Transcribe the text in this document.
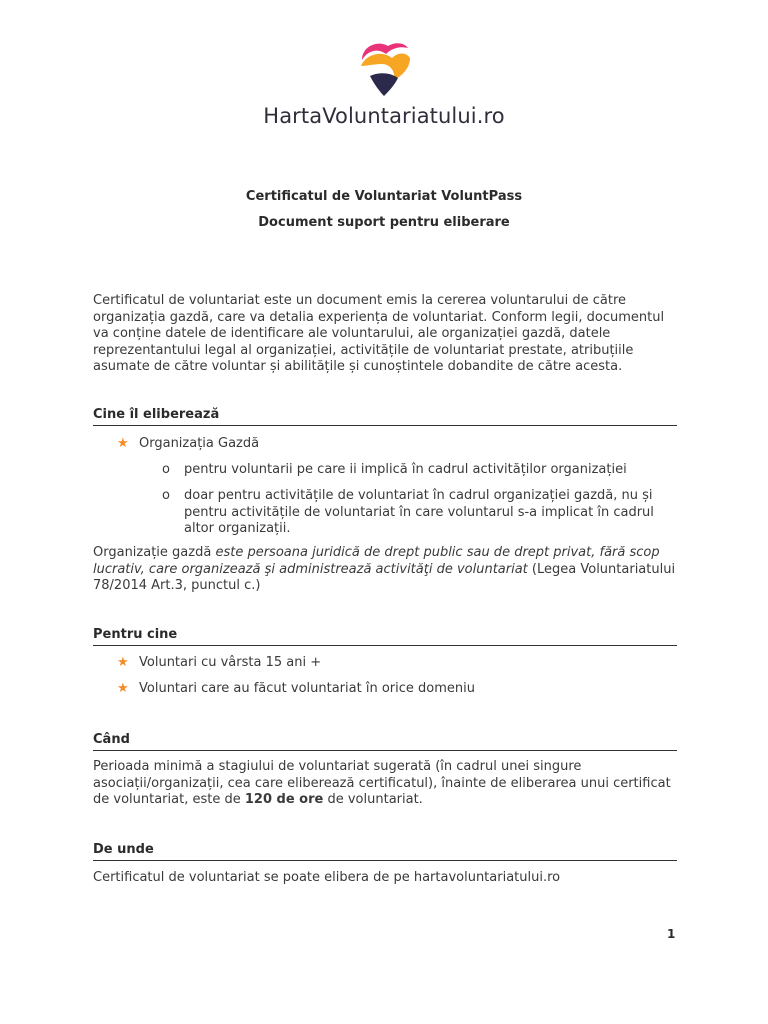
HartaVoluntariatului.ro
Certificatul de Voluntariat VoluntPass
Document suport pentru eliberare
Certificatul de voluntariat este un document emis la cererea voluntarului de către
organizația gazdă, care va detalia experiența de voluntariat. Conform legii, documentul
va conține datele de identificare ale voluntarului, ale organizației gazdă, datele
reprezentantului legal al organizației, activitățile de voluntariat prestate, atribuțiile
asumate de către voluntar și abilitățile și cunoștintele dobandite de către acesta.
Cine îl eliberează
★ Organizația Gazdă
o	pentru voluntarii pe care ii implică în cadrul activităților organizației
o doar pentru activitățile de voluntariat în cadrul organizației gazdă, nu și
pentru activitățile de voluntariat în care voluntarul s-a implicat în cadrul
altor organizații.
Organizație gazdă este persoana juridică de drept public sau de drept privat, fără scop
lucrativ, care organizează şi administrează activităţi de voluntariat (Legea Voluntariatului
78/2014 Art.3, punctul c.)
Pentru cine
★ Voluntari cu vârsta 15 ani +
★ Voluntari care au făcut voluntariat în orice domeniu
Când
Perioada minimă a stagiului de voluntariat sugerată (în cadrul unei singure
asociații/organizații, cea care eliberează certificatul), înainte de eliberarea unui certificat
de voluntariat, este de 120 de ore de voluntariat.
De unde
Certificatul de voluntariat se poate elibera de pe hartavoluntariatului.ro
1
